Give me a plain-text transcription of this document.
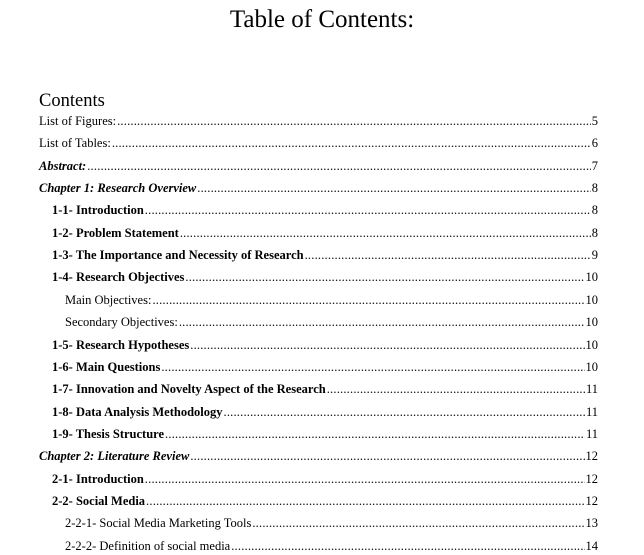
Table of Contents:
Contents
List of Figures: .....	5
List of Tables: .....	6
Abstract: .....	7
Chapter 1: Research Overview .....	8
1-1- Introduction .....	8
1-2- Problem Statement .....	8
1-3- The Importance and Necessity of Research .....	9
1-4- Research Objectives .....	10
Main Objectives: .....	10
Secondary Objectives: .....	10
1-5- Research Hypotheses .....	10
1-6- Main Questions .....	10
1-7- Innovation and Novelty Aspect of the Research .....	11
1-8- Data Analysis Methodology .....	11
1-9- Thesis Structure .....	11
Chapter 2: Literature Review .....	12
2-1- Introduction .....	12
2-2- Social Media .....	12
2-2-1- Social Media Marketing Tools .....	13
2-2-2- Definition of social media .....	14
